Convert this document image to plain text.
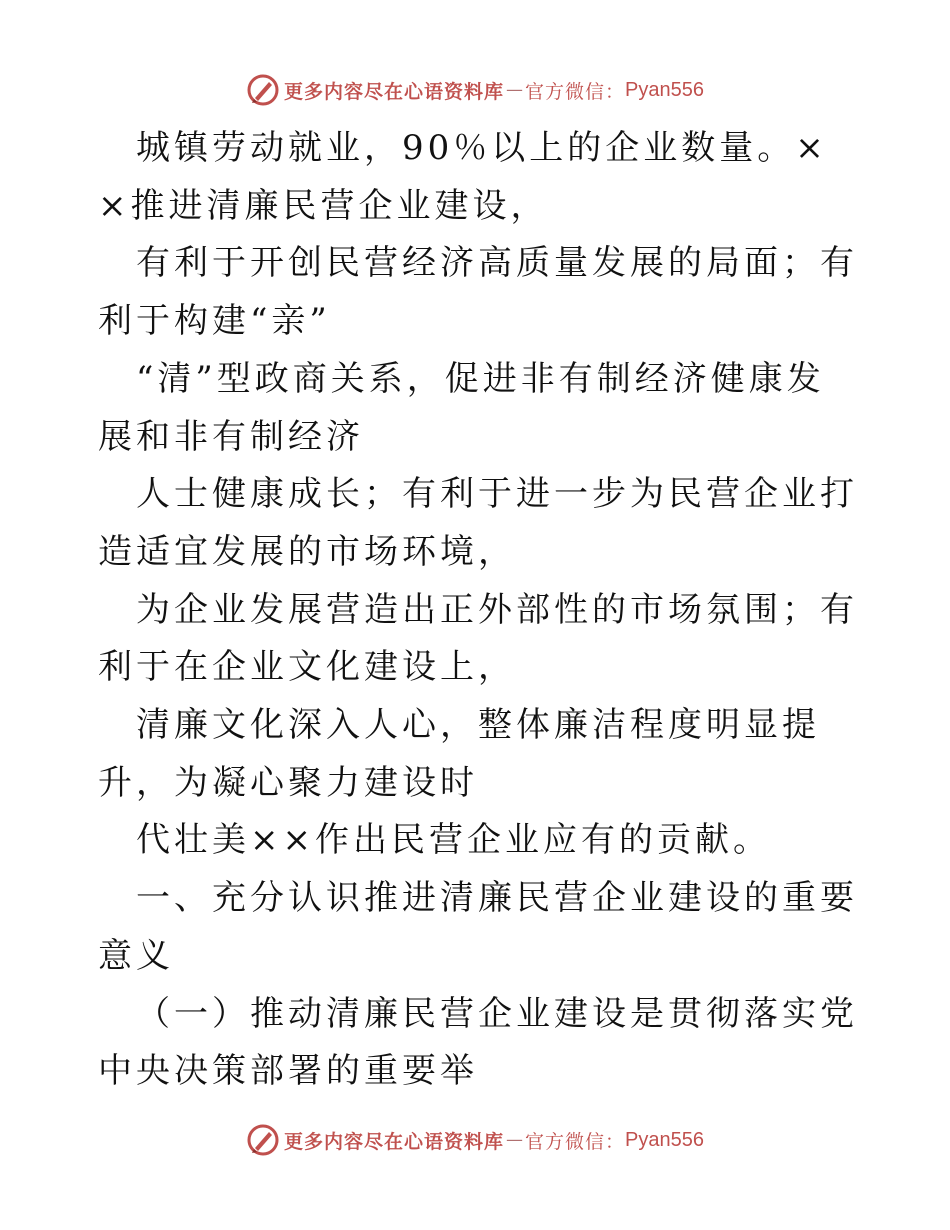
更多内容尽在心语资料库 — 官方微信： Pyan556

城镇劳动就业，90％以上的企业数量。××推进清廉民营企业建设，

有利于开创民营经济高质量发展的局面；有利于构建“亲”

“清”型政商关系，促进非有制经济健康发展和非有制经济

人士健康成长；有利于进一步为民营企业打造适宜发展的市场环境，

为企业发展营造出正外部性的市场氛围；有利于在企业文化建设上，

清廉文化深入人心，整体廉洁程度明显提升，为凝心聚力建设时

代壮美××作出民营企业应有的贡献。

一、充分认识推进清廉民营企业建设的重要意义

（一）推动清廉民营企业建设是贯彻落实党中央决策部署的重要举

更多内容尽在心语资料库 — 官方微信： Pyan556
